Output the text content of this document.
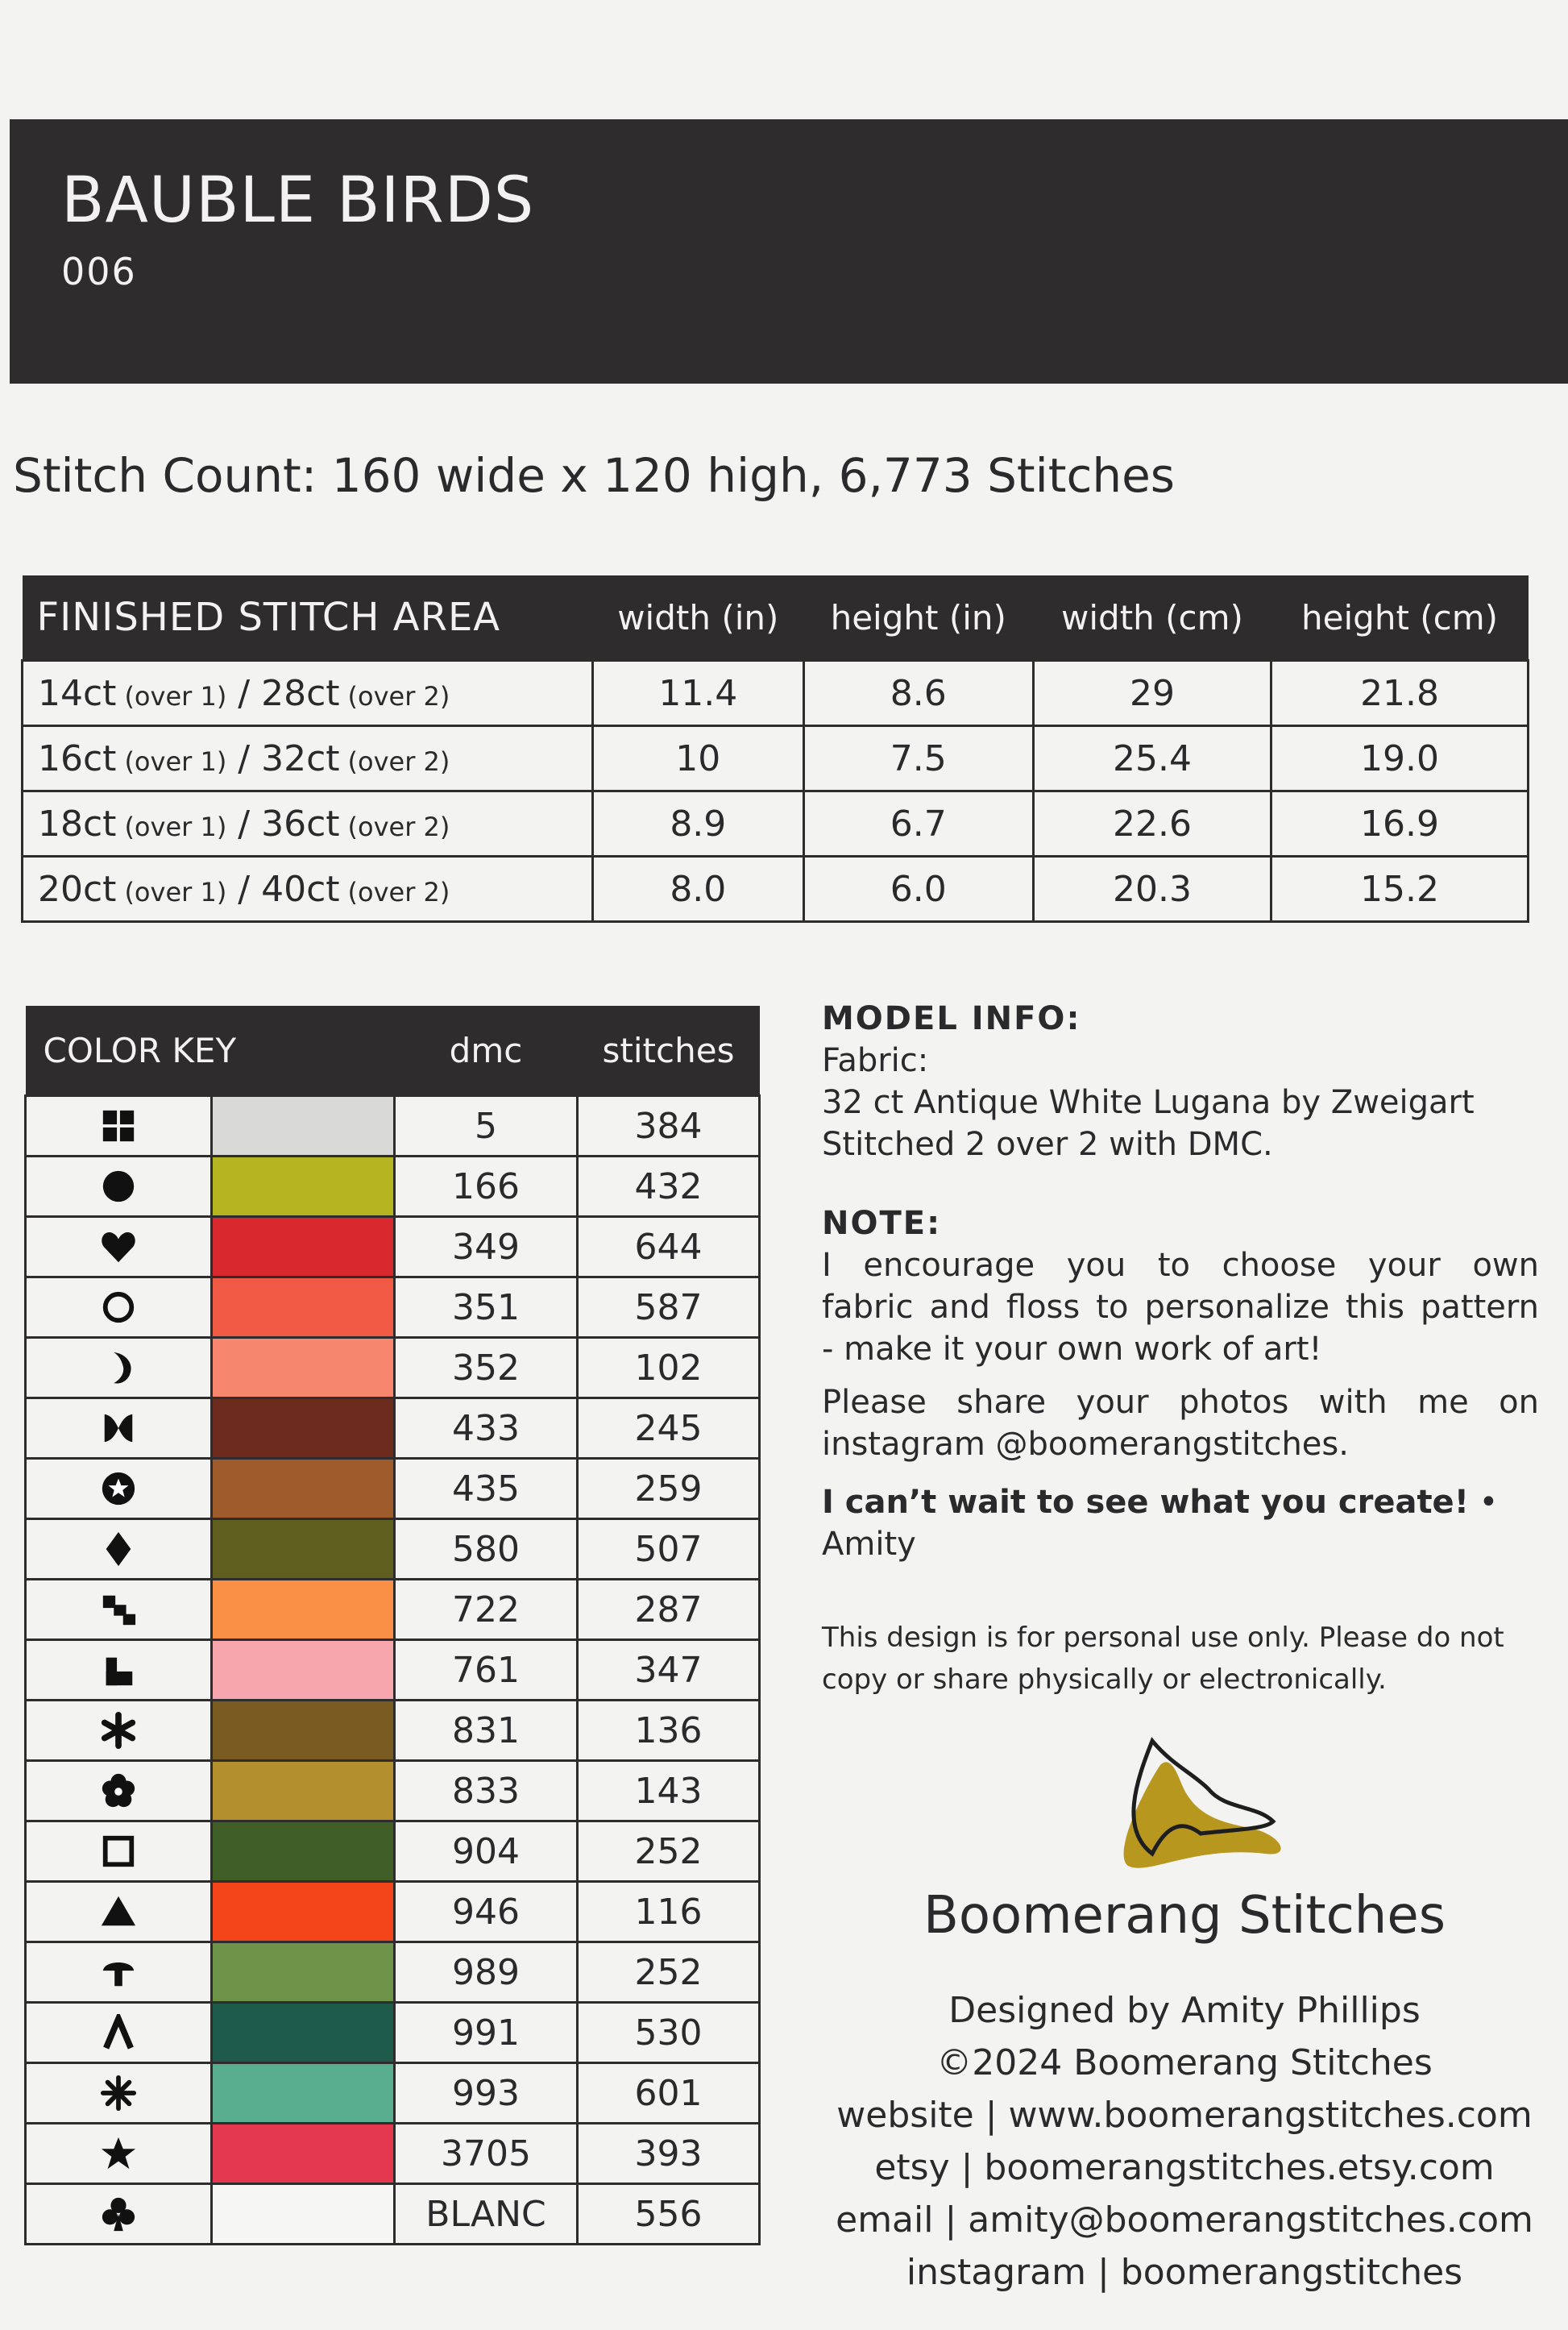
BAUBLE BIRDS
006
Stitch Count: 160 wide x 120 high, 6,773 Stitches
FINISHED STITCH AREA	width (in)	height (in)	width (cm)	height (cm)
14ct (over 1) / 28ct (over 2)	11.4	8.6	29	21.8
16ct (over 1) / 32ct (over 2)	10	7.5	25.4	19.0
18ct (over 1) / 36ct (over 2)	8.9	6.7	22.6	16.9
20ct (over 1) / 40ct (over 2)	8.0	6.0	20.3	15.2
COLOR KEY		dmc	stitches

	5	384

	166	432

	349	644

	351	587

	352	102

	433	245

	435	259

	580	507

	722	287

	761	347

	831	136

	833	143

	904	252

	946	116

	989	252

	991	530

	993	601

	3705	393

	BLANC	556

MODEL INFO:

Fabric:

32 ct Antique White Lugana by Zweigart

Stitched 2 over 2 with DMC.

NOTE:

I encourage you to choose your own

fabric and floss to personalize this pattern

- make it your own work of art!

Please share your photos with me on

instagram @boomerangstitches.

I can’t wait to see what you create! • Amity

This design is for personal use only. Please do not

copy or share physically or electronically.

Boomerang Stitches
Designed by Amity Phillips
©2024 Boomerang Stitches
website | www.boomerangstitches.com
etsy | boomerangstitches.etsy.com
email | amity@boomerangstitches.com
instagram | boomerangstitches
